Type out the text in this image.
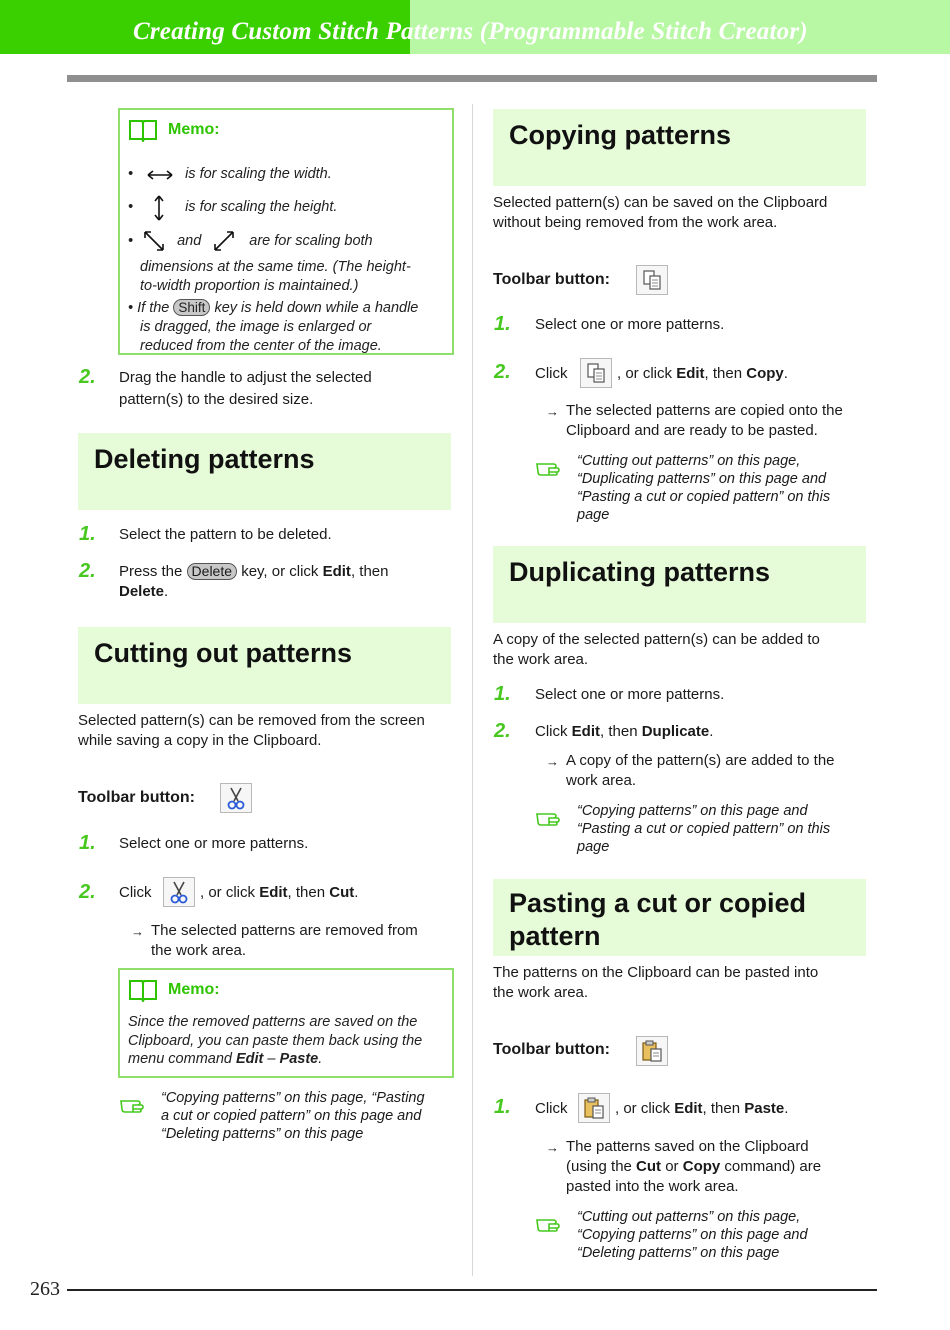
Creating Custom Stitch Patterns (Programmable Stitch Creator)
Memo:
•	is for scaling the width.
•	is for scaling the height.
•	and	are for scaling both
dimensions at the same time. (The height-
to-width proportion is maintained.)
• If the Shift key is held down while a handle
is dragged, the image is enlarged or
reduced from the center of the image.
2. Drag the handle to adjust the selected
pattern(s) to the desired size.
Deleting patterns
1. Select the pattern to be deleted.
2. Press the Delete key, or click Edit, then
Delete.
Cutting out patterns
Selected pattern(s) can be removed from the screen
while saving a copy in the Clipboard.
Toolbar button:
1. Select one or more patterns.
2. Click	, or click Edit, then Cut.
→ The selected patterns are removed from
the work area.
Memo:
Since the removed patterns are saved on the
Clipboard, you can paste them back using the
menu command Edit – Paste.
“Copying patterns” on this page, “Pasting
a cut or copied pattern” on this page and
“Deleting patterns” on this page
Copying patterns
Selected pattern(s) can be saved on the Clipboard
without being removed from the work area.
Toolbar button:
1. Select one or more patterns.
2. Click	, or click Edit, then Copy.
→ The selected patterns are copied onto the
Clipboard and are ready to be pasted.
“Cutting out patterns” on this page,
“Duplicating patterns” on this page and
“Pasting a cut or copied pattern” on this
page
Duplicating patterns
A copy of the selected pattern(s) can be added to
the work area.
1. Select one or more patterns.
2. Click Edit, then Duplicate.
→ A copy of the pattern(s) are added to the
work area.
“Copying patterns” on this page and
“Pasting a cut or copied pattern” on this
page
Pasting a cut or copied
pattern
The patterns on the Clipboard can be pasted into
the work area.
Toolbar button:
1. Click	, or click Edit, then Paste.
→ The patterns saved on the Clipboard
(using the Cut or Copy command) are
pasted into the work area.
“Cutting out patterns” on this page,
“Copying patterns” on this page and
“Deleting patterns” on this page
263
